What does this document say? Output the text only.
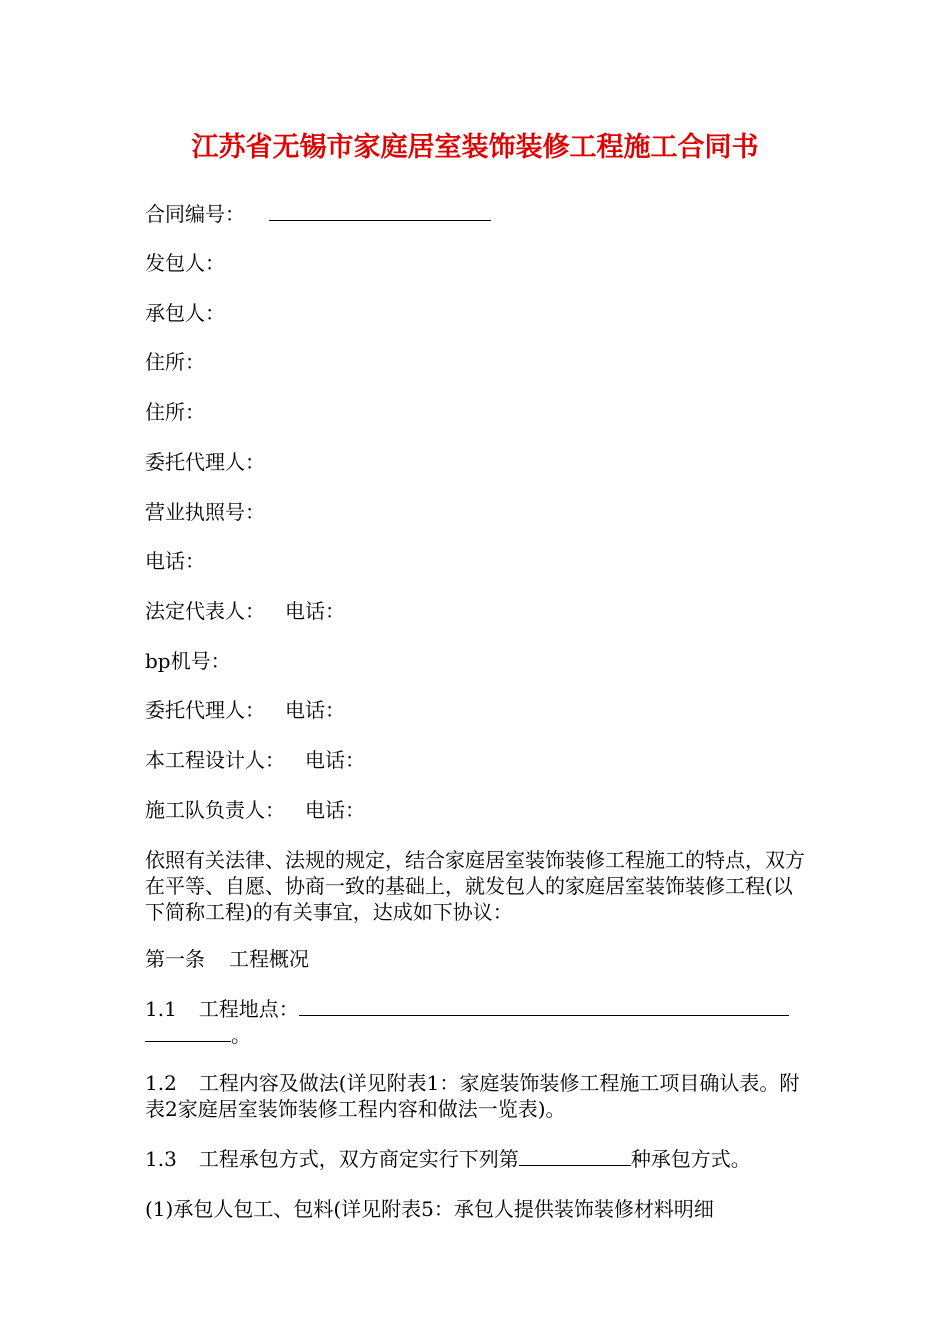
江苏省无锡市家庭居室装饰装修工程施工合同书
合同编号：
发包人：
承包人：
住所：
住所：
委托代理人：
营业执照号：
电话：
法定代表人： 电话：
bp机号：
委托代理人： 电话：
本工程设计人： 电话：
施工队负责人： 电话：
依照有关法律、法规的规定，结合家庭居室装饰装修工程施工的特点，双方在平等、自愿、协商一致的基础上，就发包人的家庭居室装饰装修工程(以下简称工程)的有关事宜，达成如下协议：
第一条 工程概况
1.1 工程地点：
。
1.2 工程内容及做法(详见附表1：家庭装饰装修工程施工项目确认表。附表2家庭居室装饰装修工程内容和做法一览表)。
1.3 工程承包方式，双方商定实行下列第	种承包方式。
(1)承包人包工、包料(详见附表5：承包人提供装饰装修材料明细
